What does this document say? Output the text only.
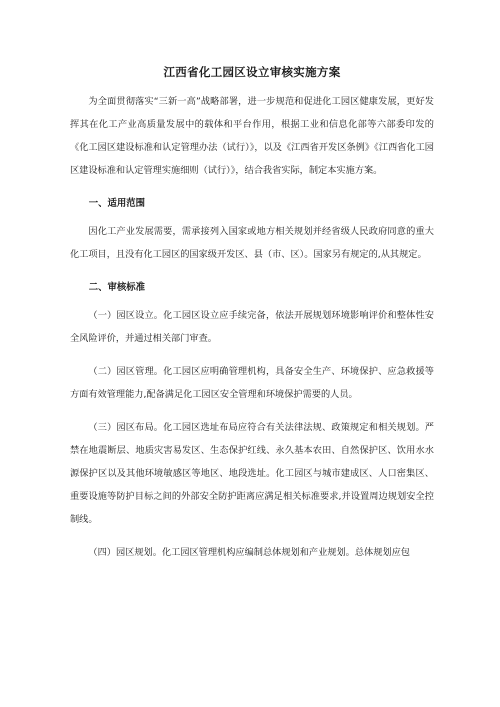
江西省化工园区设立审核实施方案

为全面贯彻落实“三新一高”战略部署，进一步规范和促进化工园区健康发展，更好发挥其在化工产业高质量发展中的载体和平台作用，根据工业和信息化部等六部委印发的《化工园区建设标准和认定管理办法（试行）》，以及《江西省开发区条例》《江西省化工园区建设标准和认定管理实施细则（试行）》，结合我省实际，制定本实施方案。

一、适用范围

因化工产业发展需要，需承接列入国家或地方相关规划并经省级人民政府同意的重大化工项目，且没有化工园区的国家级开发区、县（市、区）。国家另有规定的,从其规定。

二、审核标准

（一）园区设立。化工园区设立应手续完备，依法开展规划环境影响评价和整体性安全风险评价，并通过相关部门审查。

（二）园区管理。化工园区应明确管理机构，具备安全生产、环境保护、应急救援等方面有效管理能力,配备满足化工园区安全管理和环境保护需要的人员。

（三）园区布局。化工园区选址布局应符合有关法律法规、政策规定和相关规划。严禁在地震断层、地质灾害易发区、生态保护红线、永久基本农田、自然保护区、饮用水水源保护区以及其他环境敏感区等地区、地段选址。化工园区与城市建成区、人口密集区、重要设施等防护目标之间的外部安全防护距离应满足相关标准要求,并设置周边规划安全控制线。

（四）园区规划。化工园区管理机构应编制总体规划和产业规划。总体规划应包
